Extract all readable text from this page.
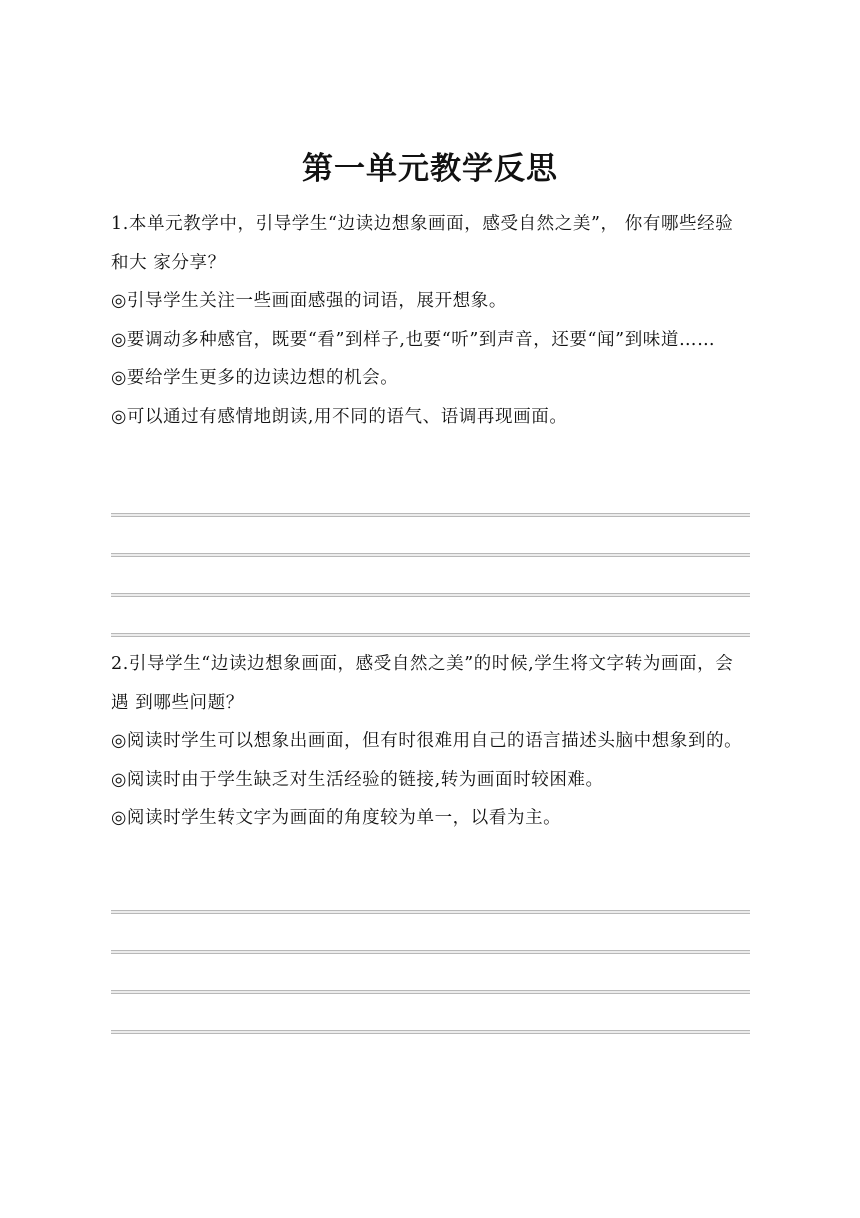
第一单元教学反思

1.本单元教学中，引导学生“边读边想象画面，感受自然之美”， 你有哪些经验和大 家分享？

◎引导学生关注一些画面感强的词语，展开想象。

◎要调动多种感官，既要“看”到样子,也要“听”到声音，还要“闻”到味道……

◎要给学生更多的边读边想的机会。

◎可以通过有感情地朗读,用不同的语气、语调再现画面。

2.引导学生“边读边想象画面，感受自然之美”的时候,学生将文字转为画面，会遇 到哪些问题？

◎阅读时学生可以想象出画面，但有时很难用自己的语言描述头脑中想象到的。

◎阅读时由于学生缺乏对生活经验的链接,转为画面时较困难。

◎阅读时学生转文字为画面的角度较为单一，以看为主。
